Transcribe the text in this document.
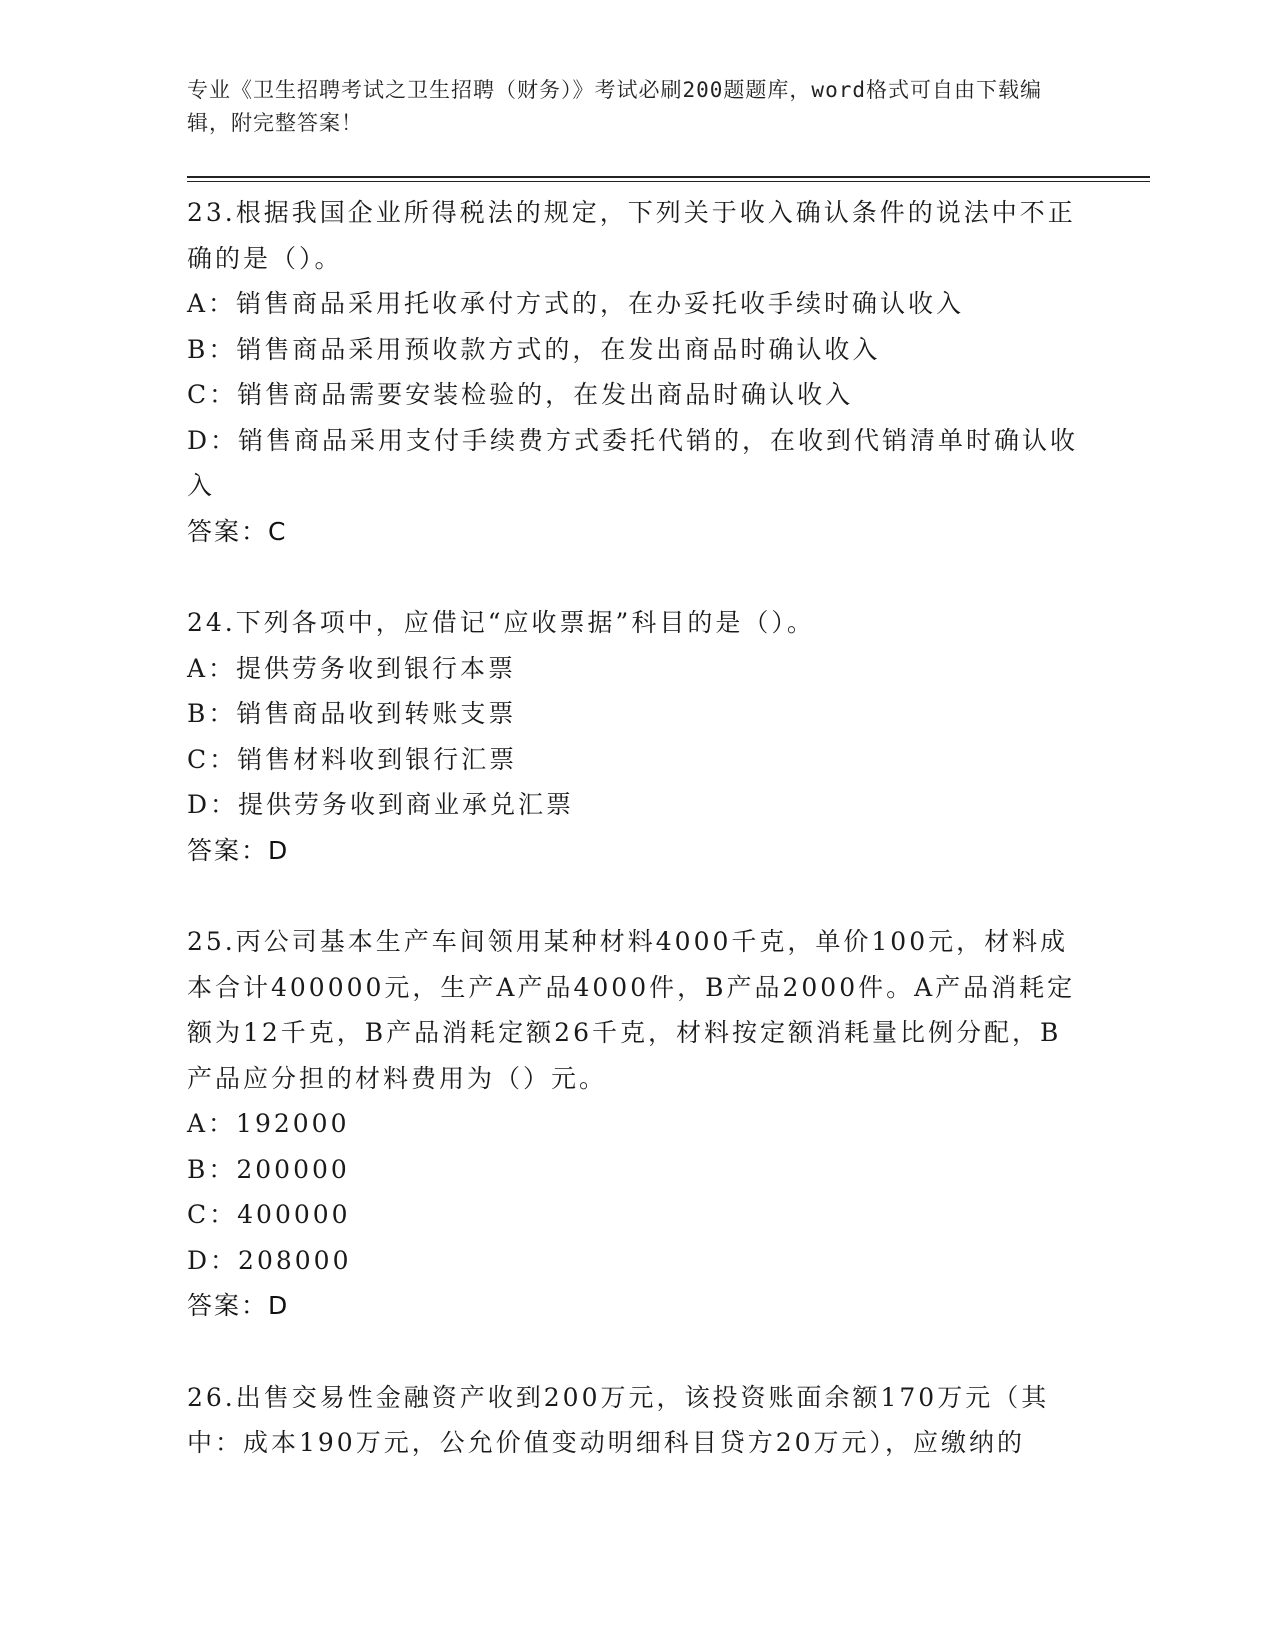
专业《卫生招聘考试之卫生招聘（财务）》考试必刷200题题库，word格式可自由下载编辑，附完整答案！

23.根据我国企业所得税法的规定，下列关于收入确认条件的说法中不正确的是（）。

A：销售商品采用托收承付方式的，在办妥托收手续时确认收入

B：销售商品采用预收款方式的，在发出商品时确认收入

C：销售商品需要安装检验的，在发出商品时确认收入

D：销售商品采用支付手续费方式委托代销的，在收到代销清单时确认收入

答案：C

24.下列各项中，应借记“应收票据”科目的是（）。

A：提供劳务收到银行本票

B：销售商品收到转账支票

C：销售材料收到银行汇票

D：提供劳务收到商业承兑汇票

答案：D

25.丙公司基本生产车间领用某种材料4000千克，单价100元，材料成本合计400000元，生产A产品4000件，B产品2000件。A产品消耗定额为12千克，B产品消耗定额26千克，材料按定额消耗量比例分配，B产品应分担的材料费用为（）元。

A：192000

B：200000

C：400000

D：208000

答案：D

26.出售交易性金融资产收到200万元，该投资账面余额170万元（其中：成本190万元，公允价值变动明细科目贷方20万元），应缴纳的
